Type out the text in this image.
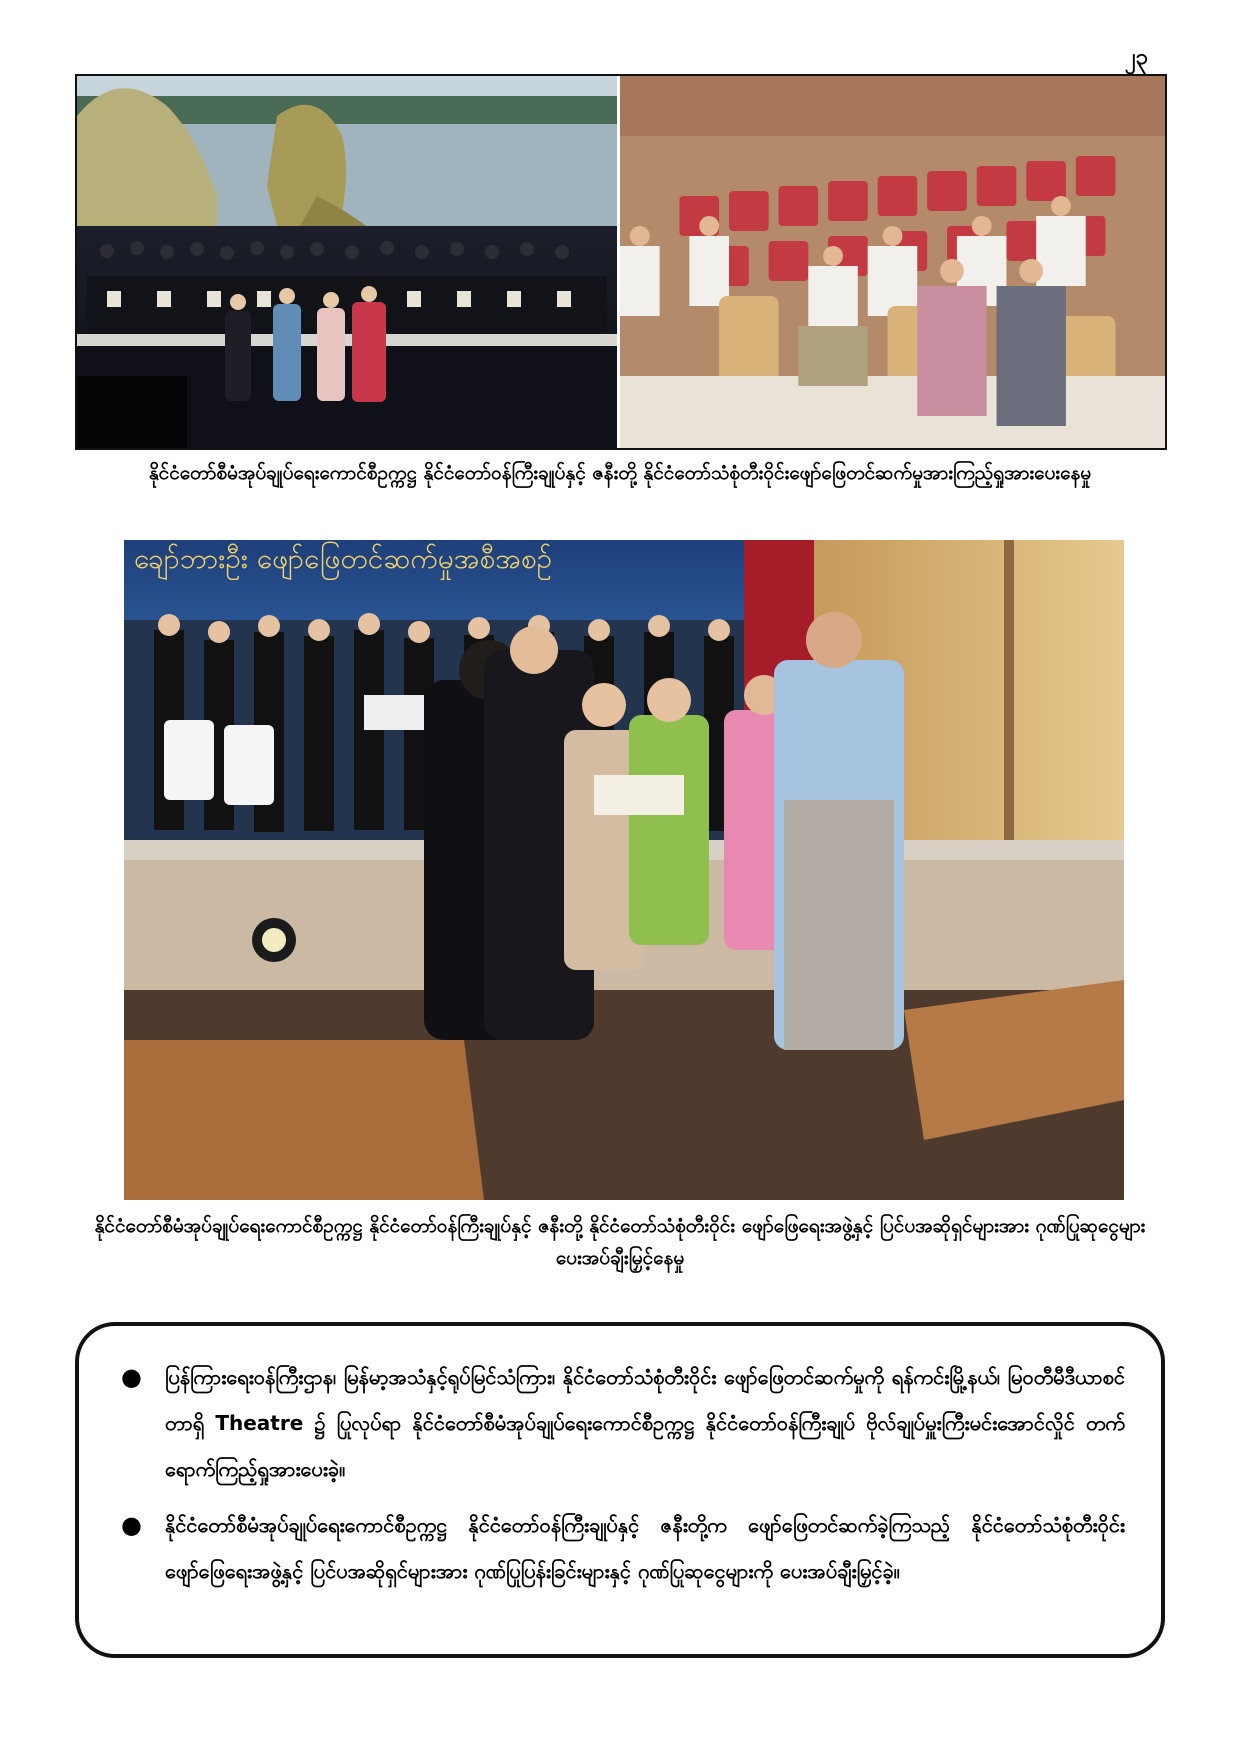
၂၃
နိုင်ငံတော်စီမံအုပ်ချုပ်ရေးကောင်စီဥက္ကဋ္ဌ နိုင်ငံတော်ဝန်ကြီးချုပ်နှင့် ဇနီးတို့ နိုင်ငံတော်သံစုံတီးဝိုင်းဖျော်ဖြေတင်ဆက်မှုအားကြည့်ရှုအားပေးနေမှု
ချော်ဘားဦး ဖျော်ဖြေတင်ဆက်မှုအစီအစဉ်
နိုင်ငံတော်စီမံအုပ်ချုပ်ရေးကောင်စီဥက္ကဋ္ဌ နိုင်ငံတော်ဝန်ကြီးချုပ်နှင့် ဇနီးတို့ နိုင်ငံတော်သံစုံတီးဝိုင်း ဖျော်ဖြေရေးအဖွဲ့နှင့် ပြင်ပအဆိုရှင်များအား ဂုဏ်ပြုဆုငွေများ ပေးအပ်ချီးမြှင့်နေမှု
● ပြန်ကြားရေးဝန်ကြီးဌာန၊ မြန်မာ့အသံနှင့်ရုပ်မြင်သံကြား၊ နိုင်ငံတော်သံစုံတီးဝိုင်း ဖျော်ဖြေတင်ဆက်မှုကို ရန်ကင်းမြို့နယ်၊ မြဝတီမီဒီယာစင်တာရှိ Theatre ၌ ပြုလုပ်ရာ နိုင်ငံတော်စီမံအုပ်ချုပ်ရေးကောင်စီဥက္ကဋ္ဌ နိုင်ငံတော်ဝန်ကြီးချုပ် ဗိုလ်ချုပ်မှူးကြီးမင်းအောင်လှိုင် တက်ရောက်ကြည့်ရှုအားပေးခဲ့။
● နိုင်ငံတော်စီမံအုပ်ချုပ်ရေးကောင်စီဥက္ကဋ္ဌ နိုင်ငံတော်ဝန်ကြီးချုပ်နှင့် ဇနီးတို့က ဖျော်ဖြေတင်ဆက်ခဲ့ကြသည့် နိုင်ငံတော်သံစုံတီးဝိုင်း ဖျော်ဖြေရေးအဖွဲ့နှင့် ပြင်ပအဆိုရှင်များအား ဂုဏ်ပြုပြန်းခြင်းများနှင့် ဂုဏ်ပြုဆုငွေများကို ပေးအပ်ချီးမြှင့်ခဲ့။
